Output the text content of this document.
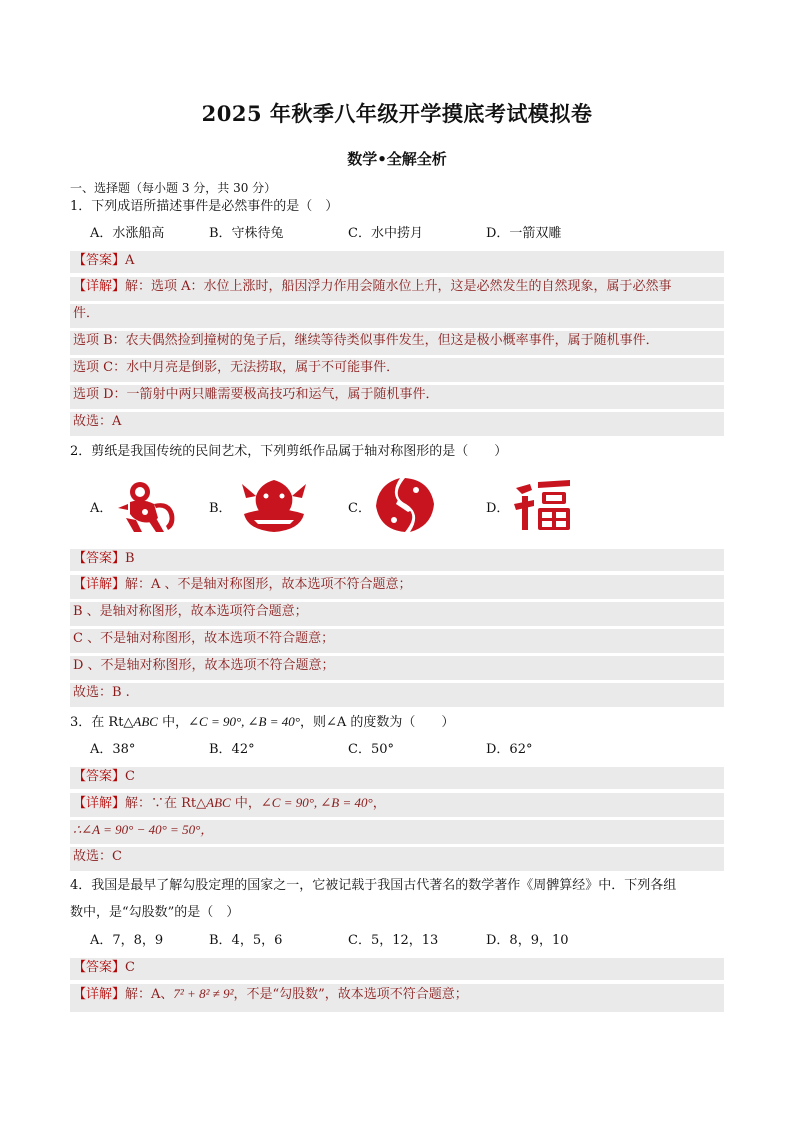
2025 年秋季八年级开学摸底考试模拟卷
数学•全解全析
一、选择题（每小题 3 分，共 30 分）
1．下列成语所描述事件是必然事件的是（　）
A．水涨船高	B．守株待兔	C．水中捞月	D．一箭双雕
【答案】A
【详解】解：选项 A：水位上涨时，船因浮力作用会随水位上升，这是必然发生的自然现象，属于必然事
件．
选项 B：农夫偶然捡到撞树的兔子后，继续等待类似事件发生，但这是极小概率事件，属于随机事件．
选项 C：水中月亮是倒影，无法捞取，属于不可能事件．
选项 D：一箭射中两只雕需要极高技巧和运气，属于随机事件．
故选：A
2．剪纸是我国传统的民间艺术，下列剪纸作品属于轴对称图形的是（　　）
A．	B．	C．	D．
【答案】B
【详解】解：A 、不是轴对称图形，故本选项不符合题意；
B 、是轴对称图形，故本选项符合题意；
C 、不是轴对称图形，故本选项不符合题意；
D 、不是轴对称图形，故本选项不符合题意；
故选：B .
3．在 Rt△ABC 中，∠C = 90°, ∠B = 40°，则∠A 的度数为（　　）
A．38°	B．42°	C．50°	D．62°
【答案】C
【详解】解：∵在 Rt△ABC 中，∠C = 90°, ∠B = 40°，
∴∠A = 90° − 40° = 50°，
故选：C
4．我国是最早了解勾股定理的国家之一，它被记载于我国古代著名的数学著作《周髀算经》中．下列各组
数中，是“勾股数”的是（　）
A．7，8，9	B．4，5，6	C．5，12，13	D．8，9，10
【答案】C
【详解】解：A、7² + 8² ≠ 9²，不是“勾股数”，故本选项不符合题意；
